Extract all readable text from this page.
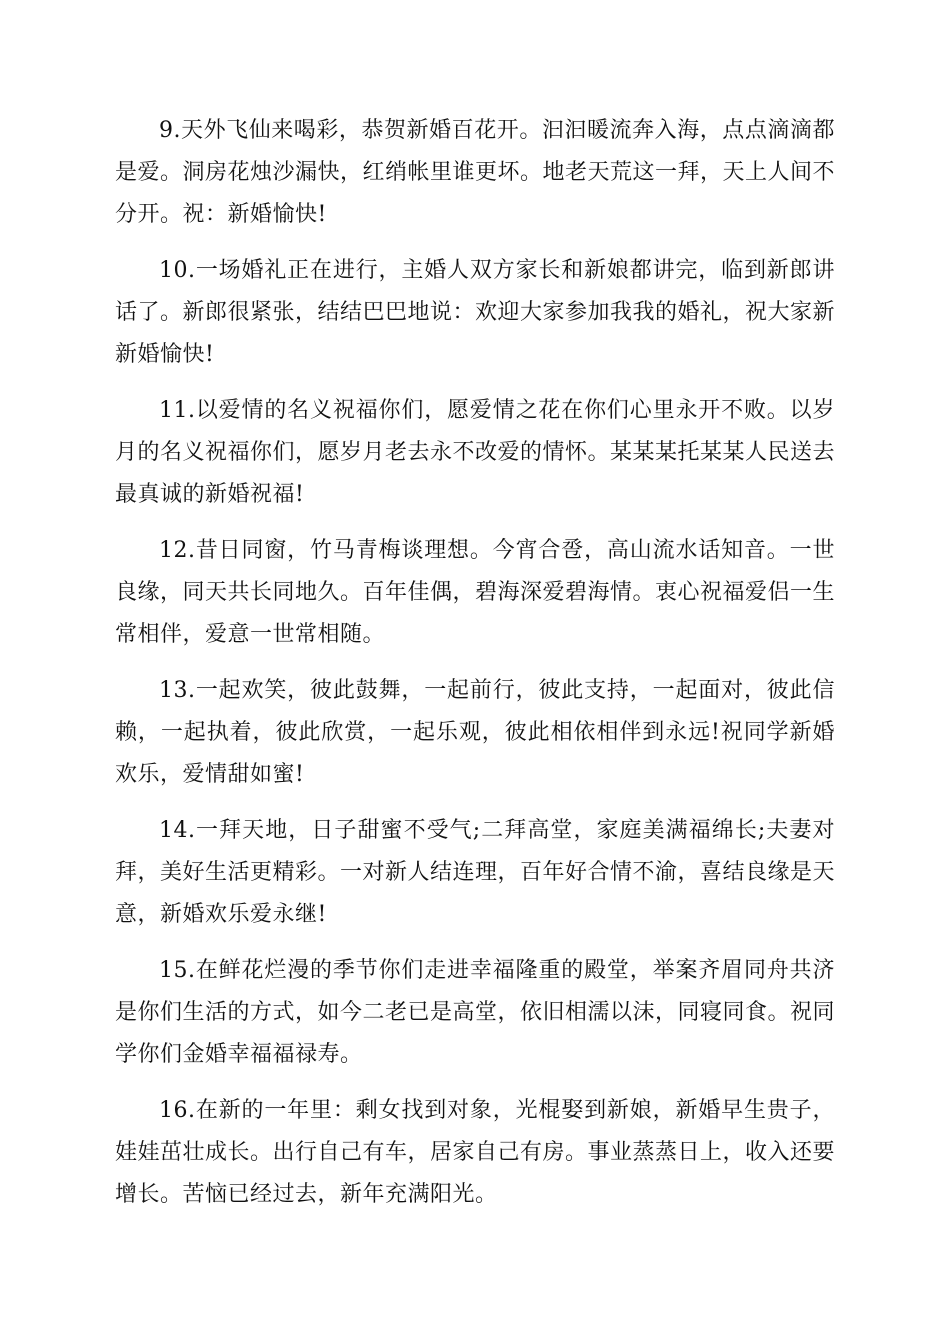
9.天外飞仙来喝彩，恭贺新婚百花开。汩汩暖流奔入海，点点滴滴都是爱。洞房花烛沙漏快，红绡帐里谁更坏。地老天荒这一拜，天上人间不分开。祝：新婚愉快!

10.一场婚礼正在进行，主婚人双方家长和新娘都讲完，临到新郎讲话了。新郎很紧张，结结巴巴地说：欢迎大家参加我我的婚礼，祝大家新新婚愉快!

11.以爱情的名义祝福你们，愿爱情之花在你们心里永开不败。以岁月的名义祝福你们，愿岁月老去永不改爱的情怀。某某某托某某人民送去最真诚的新婚祝福!

12.昔日同窗，竹马青梅谈理想。今宵合卺，高山流水话知音。一世良缘，同天共长同地久。百年佳偶，碧海深爱碧海情。衷心祝福爱侣一生常相伴，爱意一世常相随。

13.一起欢笑，彼此鼓舞，一起前行，彼此支持，一起面对，彼此信赖，一起执着，彼此欣赏，一起乐观，彼此相依相伴到永远!祝同学新婚欢乐，爱情甜如蜜!

14.一拜天地，日子甜蜜不受气;二拜高堂，家庭美满福绵长;夫妻对拜，美好生活更精彩。一对新人结连理，百年好合情不渝，喜结良缘是天意，新婚欢乐爱永继!

15.在鲜花烂漫的季节你们走进幸福隆重的殿堂，举案齐眉同舟共济是你们生活的方式，如今二老已是高堂，依旧相濡以沫，同寝同食。祝同学你们金婚幸福福禄寿。

16.在新的一年里：剩女找到对象，光棍娶到新娘，新婚早生贵子，娃娃茁壮成长。出行自己有车，居家自己有房。事业蒸蒸日上，收入还要增长。苦恼已经过去，新年充满阳光。
